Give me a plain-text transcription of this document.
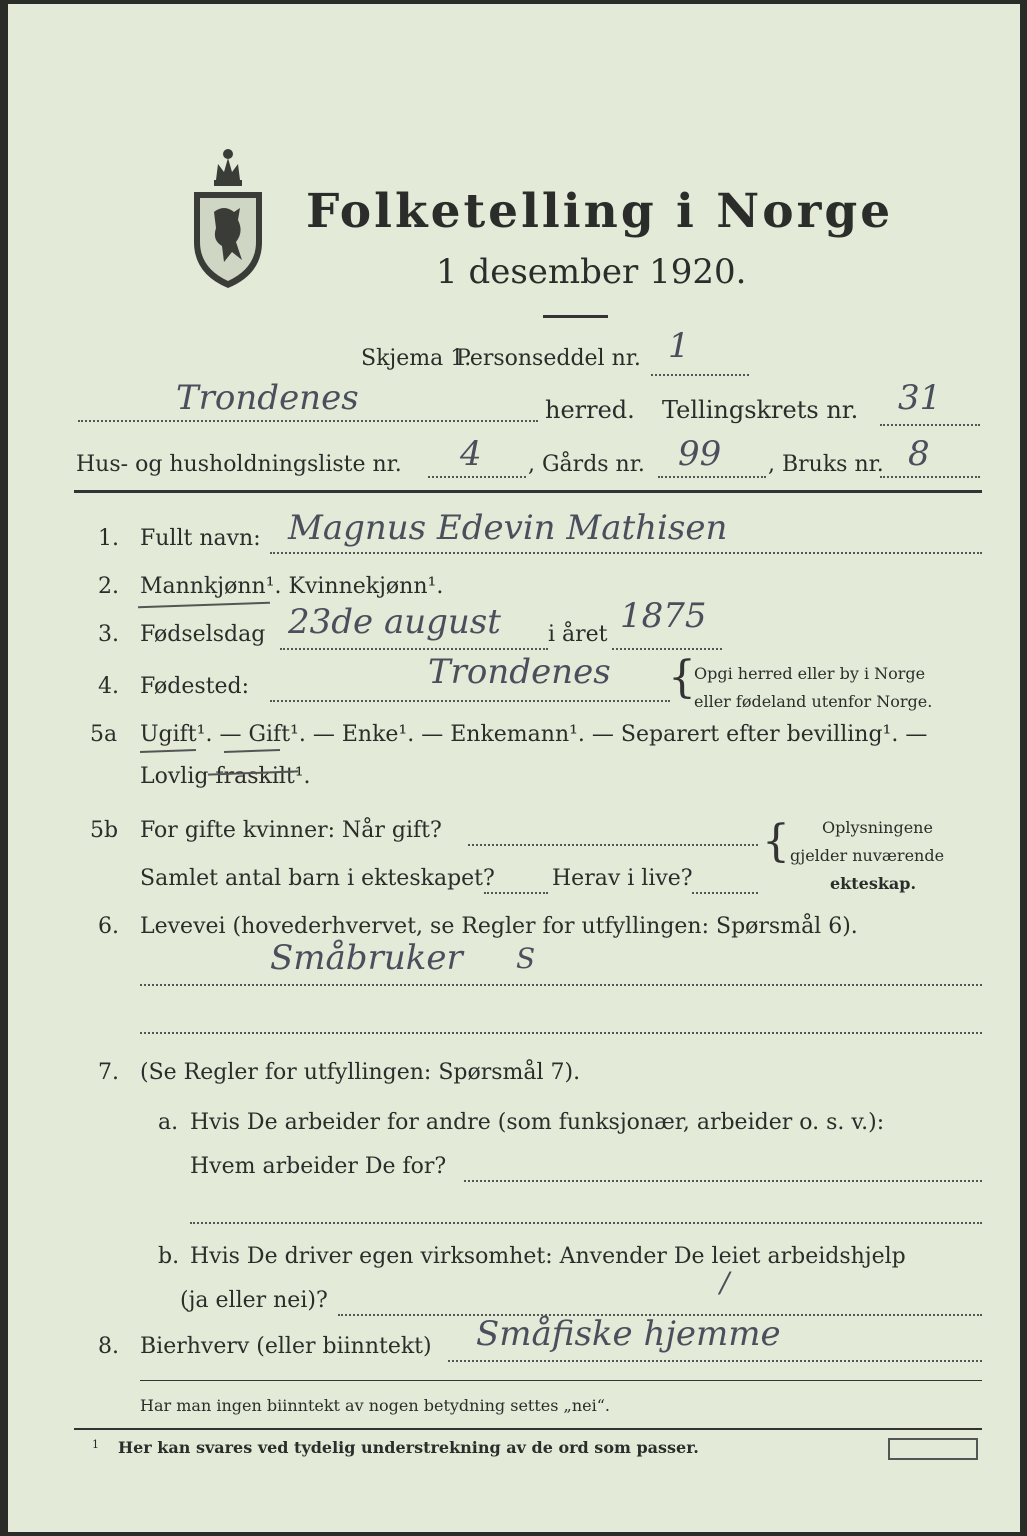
Folketelling i Norge
1 desember 1920.
Skjema 1.
Personseddel nr. 1
Trondenes	herred. Tellingskrets nr. 31
Hus- og husholdningsliste nr. 4 , Gårds nr. 99 , Bruks nr. 8
1. Fullt navn: Magnus Edevin Mathisen
2. Mannkjønn¹. Kvinnekjønn¹.
3. Fødselsdag 23de august i året 1875
4. Fødested:	Trondenes {
Opgi herred eller by i Norge
eller fødeland utenfor Norge.
5a Ugift¹. — Gift¹. — Enke¹. — Enkemann¹. — Separert efter bevilling¹. —
Lovlig fraskilt¹.
5b For gifte kvinner: Når gift?
Samlet antal barn i ekteskapet?	Herav i live?
{ Oplysningene
gjelder nuværende
ekteskap.
6. Levevei (hovederhvervet, se Regler for utfyllingen: Spørsmål 6).
Småbruker S
7. (Se Regler for utfyllingen: Spørsmål 7).
a. Hvis De arbeider for andre (som funksjonær, arbeider o. s. v.):
Hvem arbeider De for?
b. Hvis De driver egen virksomhet: Anvender De leiet arbeidshjelp
(ja eller nei)?
/
8. Bierhverv (eller biinntekt) Småfiske hjemme
Har man ingen biinntekt av nogen betydning settes „nei“.
1 Her kan svares ved tydelig understrekning av de ord som passer.
